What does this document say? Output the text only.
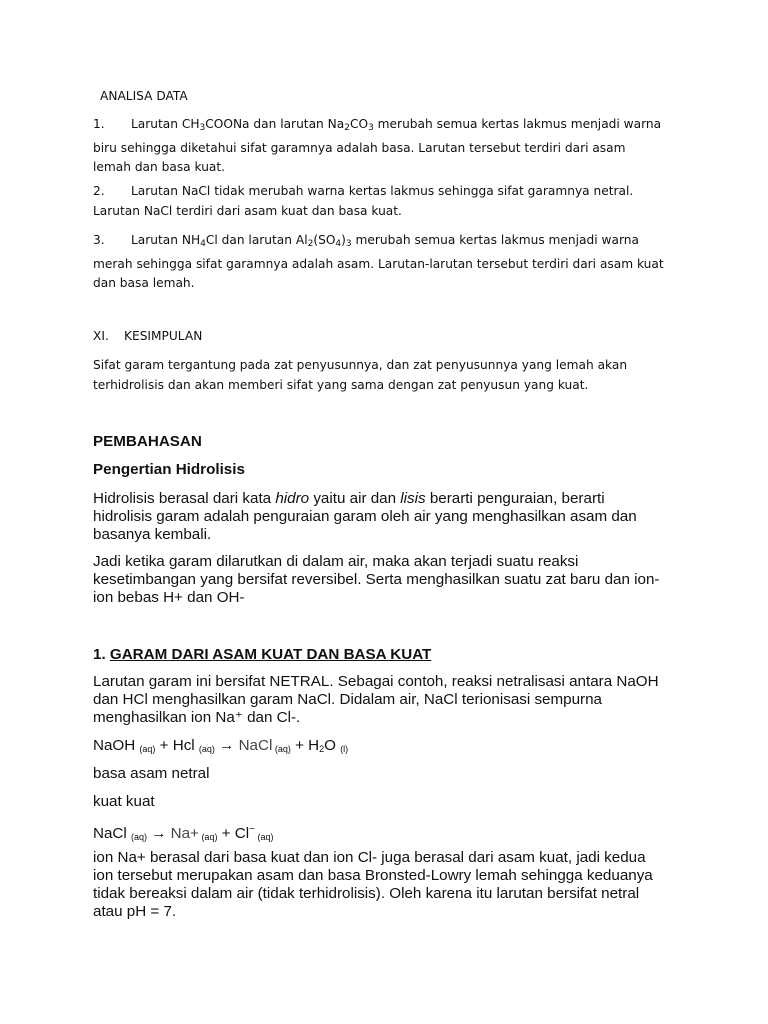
ANALISA DATA
1. Larutan $CH_3COONa$ dan larutan $Na_2CO_3$ merubah semua kertas lakmus menjadi warna
biru sehingga diketahui sifat garamnya adalah basa. Larutan tersebut terdiri dari asam
lemah dan basa kuat.
2. Larutan NaCl tidak merubah warna kertas lakmus sehingga sifat garamnya netral.
Larutan NaCl terdiri dari asam kuat dan basa kuat.
3. Larutan $NH_4Cl$ dan larutan $Al_2(SO_4)_3$ merubah semua kertas lakmus menjadi warna
merah sehingga sifat garamnya adalah asam. Larutan-larutan tersebut terdiri dari asam kuat
dan basa lemah.
XI. KESIMPULAN
Sifat garam tergantung pada zat penyusunnya, dan zat penyusunnya yang lemah akan
terhidrolisis dan akan memberi sifat yang sama dengan zat penyusun yang kuat.
PEMBAHASAN
Pengertian Hidrolisis
Hidrolisis berasal dari kata hidro yaitu air dan lisis berarti penguraian, berarti
hidrolisis garam adalah penguraian garam oleh air yang menghasilkan asam dan
basanya kembali.
Jadi ketika garam dilarutkan di dalam air, maka akan terjadi suatu reaksi
kesetimbangan yang bersifat reversibel. Serta menghasilkan suatu zat baru dan ion-
ion bebas H+ dan OH-
1. GARAM DARI ASAM KUAT DAN BASA KUAT
Larutan garam ini bersifat NETRAL. Sebagai contoh, reaksi netralisasi antara NaOH
dan HCl menghasilkan garam NaCl. Didalam air, NaCl terionisasi sempurna
menghasilkan ion Na⁺ dan Cl-.
NaOH $_{(aq)}$ + Hcl $_{(aq)}$ → NaCl $_{(aq)} + H_2O$ $_{(l)}$
basa asam netral
kuat kuat
NaCl $_{(aq)}$ → Na+ $_{(aq)}$ + Cl− $_{(aq)}$
ion Na+ berasal dari basa kuat dan ion Cl- juga berasal dari asam kuat, jadi kedua
ion tersebut merupakan asam dan basa Bronsted-Lowry lemah sehingga keduanya
tidak bereaksi dalam air (tidak terhidrolisis). Oleh karena itu larutan bersifat netral
atau pH = 7.
